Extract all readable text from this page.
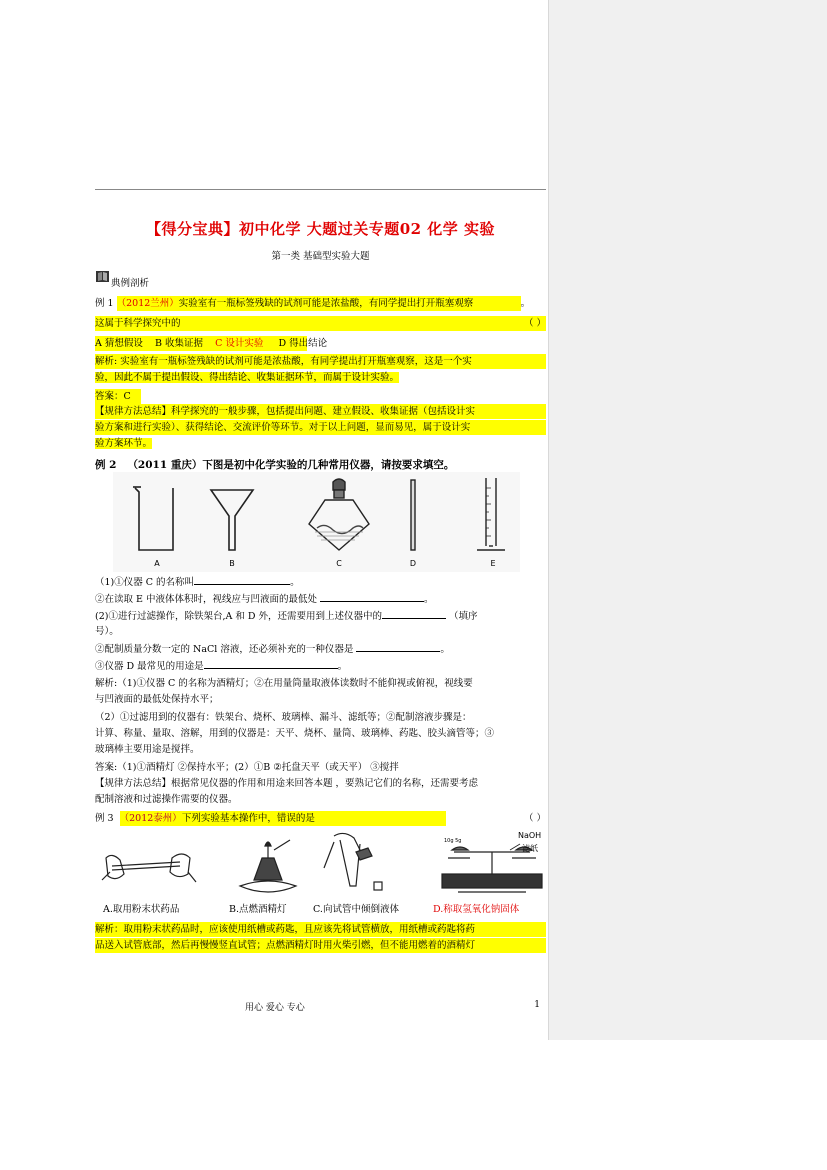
【得分宝典】初中化学 大题过关专题02 化学 实验
第一类 基础型实验大题
典例剖析
例 1 （2012兰州）实验室有一瓶标签残缺的试剂可能是浓盐酸，有同学提出打开瓶塞观察	。
这属于科学探究中的	（ ）
A 猜想假设 B 收集证据 C 设计实验 D 得出结论
解析: 实验室有一瓶标签残缺的试剂可能是浓盐酸，有同学提出打开瓶塞观察，这是一个实
验，因此不属于提出假设、得出结论、收集证据环节，而属于设计实验。
答案：C
【规律方法总结】科学探究的一般步骤，包括提出问题、建立假设、收集证据（包括设计实
验方案和进行实验）、获得结论、交流评价等环节。对于以上问题，显而易见，属于设计实
验方案环节。
例 2 （2011 重庆）下图是初中化学实验的几种常用仪器，请按要求填空。
A	B	C	D	E
（1)①仪器 C 的名称叫	。
②在读取 E 中液体体积时，视线应与凹液面的最低处	。
(2)①进行过滤操作，除铁架台,A 和 D 外，还需要用到上述仪器中的	（填序
号）。
②配制质量分数一定的 NaCl 溶液，还必须补充的一种仪器是	。
③仪器 D 最常见的用途是	。
解析:（1)①仪器 C 的名称为酒精灯；②在用量筒量取液体读数时不能仰视或俯视，视线要
与凹液面的最低处保持水平；
（2）①过滤用到的仪器有：铁架台、烧杯、玻璃棒、漏斗、滤纸等；②配制溶液步骤是：
计算、称量、量取、溶解，用到的仪器是：天平、烧杯、量筒、玻璃棒、药匙、胶头滴管等；③
玻璃棒主要用途是搅拌。
答案:（1)①酒精灯 ②保持水平；(2）①B ②托盘天平（或天平） ③搅拌
【规律方法总结】根据常见仪器的作用和用途来回答本题 ，要熟记它们的名称，还需要考虑
配制溶液和过滤操作需要的仪器。
例 3 （2012泰州）下列实验基本操作中，错误的是	（ ）
10g 5g
NaOH
滤纸
A.取用粉末状药品	B.点燃酒精灯	C.向试管中倾倒液体	D.称取氢氧化钠固体
解析：取用粉末状药品时，应该使用纸槽或药匙，且应该先将试管横放，用纸槽或药匙将药
品送入试管底部，然后再慢慢竖直试管；点燃酒精灯时用火柴引燃，但不能用燃着的酒精灯
用心 爱心 专心	1
